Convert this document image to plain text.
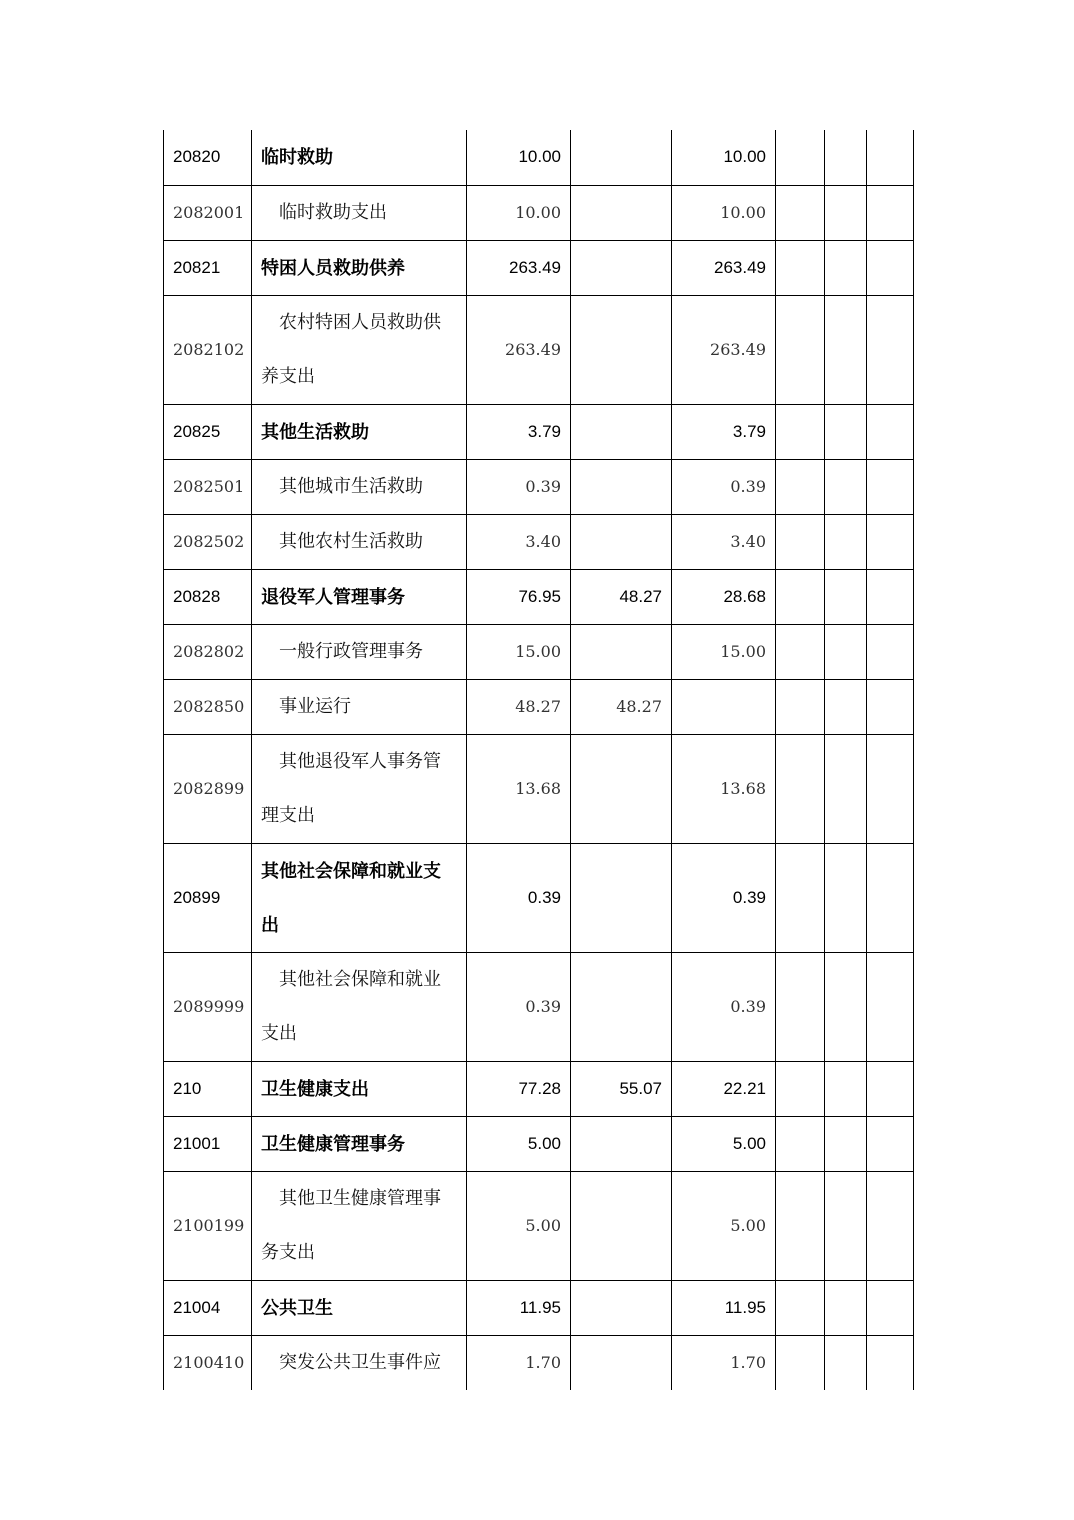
20820	临时救助	10.00		10.00			
2082001	临时救助支出	10.00		10.00			
20821	特困人员救助供养	263.49		263.49			
2082102	农村特困人员救助供养支出	263.49		263.49			
20825	其他生活救助	3.79		3.79			
2082501	其他城市生活救助	0.39		0.39			
2082502	其他农村生活救助	3.40		3.40			
20828	退役军人管理事务	76.95	48.27	28.68			
2082802	一般行政管理事务	15.00		15.00			
2082850	事业运行	48.27	48.27				
2082899	其他退役军人事务管理支出	13.68		13.68			
20899	其他社会保障和就业支出	0.39		0.39			
2089999	其他社会保障和就业支出	0.39		0.39			
210	卫生健康支出	77.28	55.07	22.21			
21001	卫生健康管理事务	5.00		5.00			
2100199	其他卫生健康管理事务支出	5.00		5.00			
21004	公共卫生	11.95		11.95			
2100410	突发公共卫生事件应	1.70		1.70			
